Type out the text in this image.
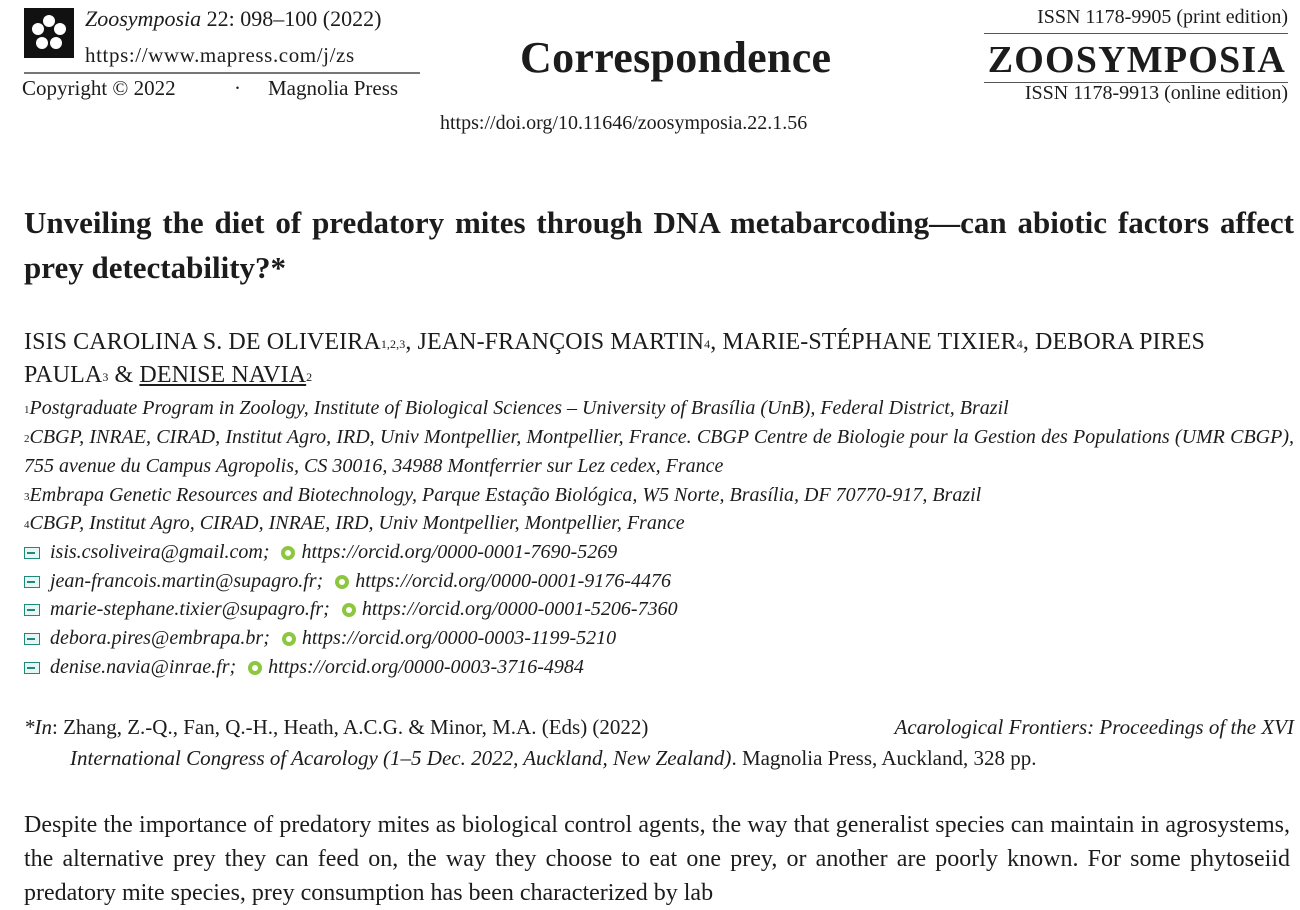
Zoosymposia 22: 098–100 (2022)
https://www.mapress.com/j/zs
Copyright © 2022	· Magnolia Press
Correspondence
https://doi.org/10.11646/zoosymposia.22.1.56
ISSN 1178-9905 (print edition)
ZOOSYMPOSIA
ISSN 1178-9913 (online edition)
Unveiling the diet of predatory mites through DNA metabarcoding—can abiotic factors affect prey detectability?*
ISIS CAROLINA S. DE OLIVEIRA$^{1,2,3}$, JEAN-FRANÇOIS MARTIN$^4$, MARIE-STÉPHANE TIXIER$^4$, DEBORA PIRES PAULA$^3$ & DENISE NAVIA$^2$
$^1$Postgraduate Program in Zoology, Institute of Biological Sciences – University of Brasília (UnB), Federal District, Brazil
$^2$CBGP, INRAE, CIRAD, Institut Agro, IRD, Univ Montpellier, Montpellier, France. CBGP Centre de Biologie pour la Gestion des Populations (UMR CBGP), 755 avenue du Campus Agropolis, CS 30016, 34988 Montferrier sur Lez cedex, France
$^3$Embrapa Genetic Resources and Biotechnology, Parque Estação Biológica, W5 Norte, Brasília, DF 70770-917, Brazil
$^4$CBGP, Institut Agro, CIRAD, INRAE, IRD, Univ Montpellier, Montpellier, France
isis.csoliveira@gmail.com; https://orcid.org/0000-0001-7690-5269
jean-francois.martin@supagro.fr; https://orcid.org/0000-0001-9176-4476
marie-stephane.tixier@supagro.fr; https://orcid.org/0000-0001-5206-7360
debora.pires@embrapa.br; https://orcid.org/0000-0003-1199-5210
denise.navia@inrae.fr; https://orcid.org/0000-0003-3716-4984
*In: Zhang, Z.-Q., Fan, Q.-H., Heath, A.C.G. & Minor, M.A. (Eds) (2022)	Acarological Frontiers: Proceedings of the XVI
International Congress of Acarology (1–5 Dec. 2022, Auckland, New Zealand). Magnolia Press, Auckland, 328 pp.
Despite the importance of predatory mites as biological control agents, the way that generalist species can maintain in agrosystems, the alternative prey they can feed on, the way they choose to eat one prey, or another are poorly known. For some phytoseiid predatory mite species, prey consumption has been characterized by lab
